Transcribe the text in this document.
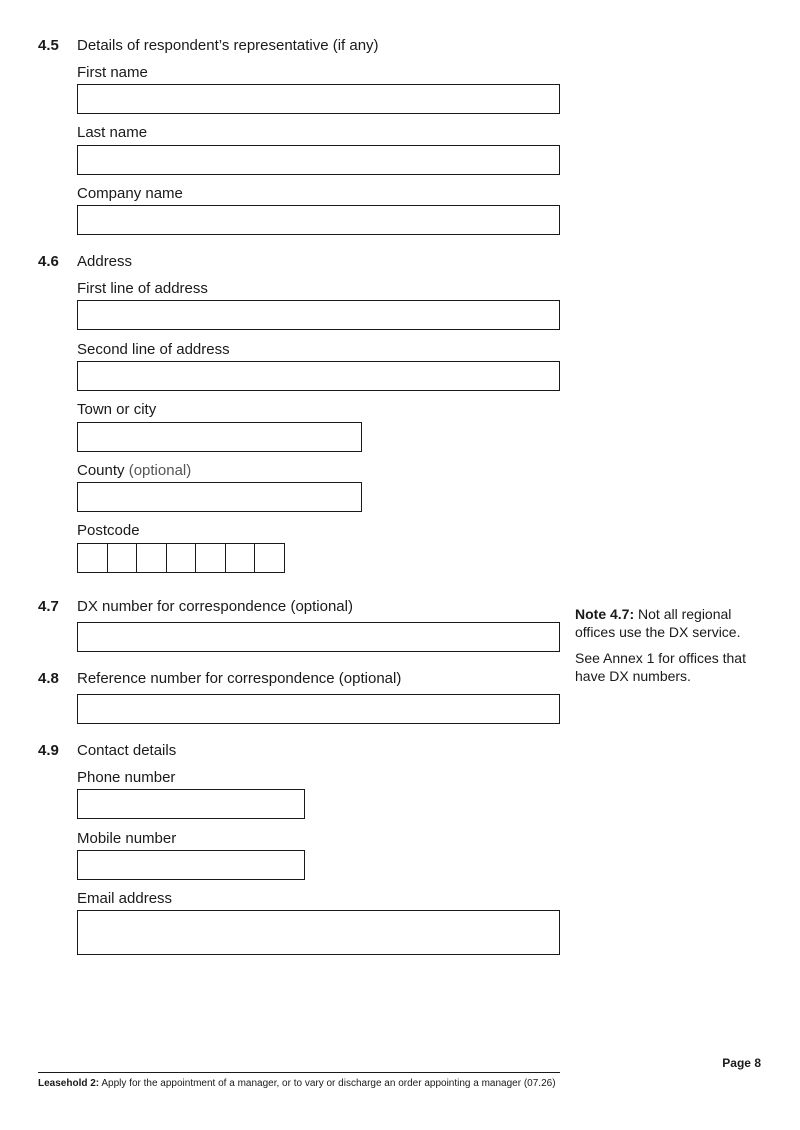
4.5 Details of respondent’s representative (if any)
First name
Last name
Company name
4.6 Address
First line of address
Second line of address
Town or city
County (optional)
Postcode
4.7 DX number for correspondence (optional)	Note 4.7: Not all regional offices use the DX service.

See Annex 1 for offices that have DX numbers.

4.8 Reference number for correspondence (optional)
4.9 Contact details
Phone number
Mobile number
Email address
Page 8
Leasehold 2: Apply for the appointment of a manager, or to vary or discharge an order appointing a manager (07.26)
